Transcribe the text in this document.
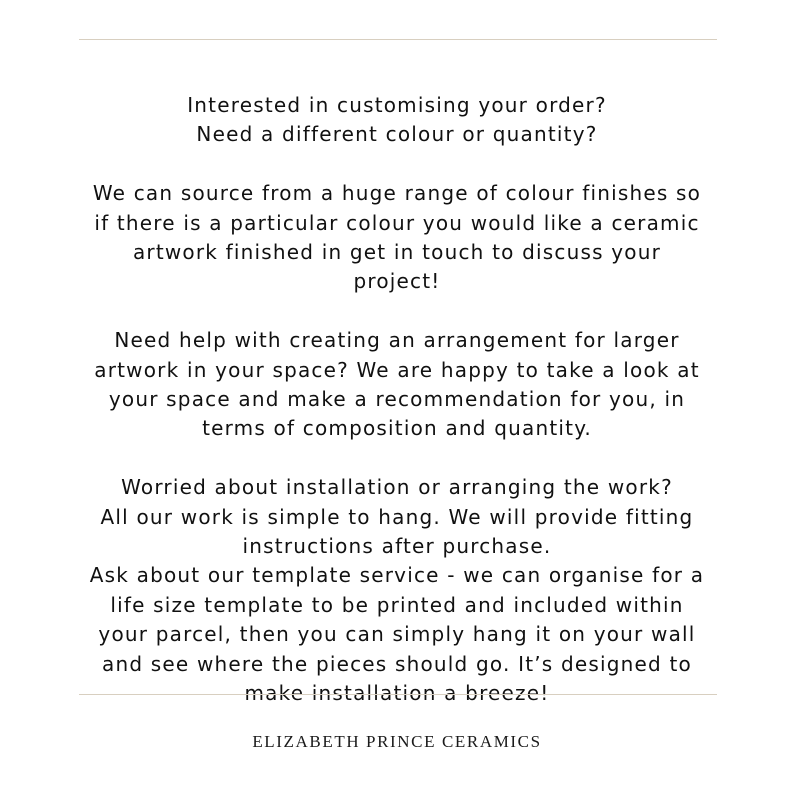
Interested in customising your order?
Need a different colour or quantity?

We can source from a huge range of colour finishes so
if there is a particular colour you would like a ceramic
artwork finished in get in touch to discuss your
project!

Need help with creating an arrangement for larger
artwork in your space? We are happy to take a look at
your space and make a recommendation for you, in
terms of composition and quantity.

Worried about installation or arranging the work?
All our work is simple to hang. We will provide fitting
instructions after purchase.
Ask about our template service - we can organise for a
life size template to be printed and included within
your parcel, then you can simply hang it on your wall
and see where the pieces should go. It’s designed to
make installation a breeze!

ELIZABETH PRINCE CERAMICS
